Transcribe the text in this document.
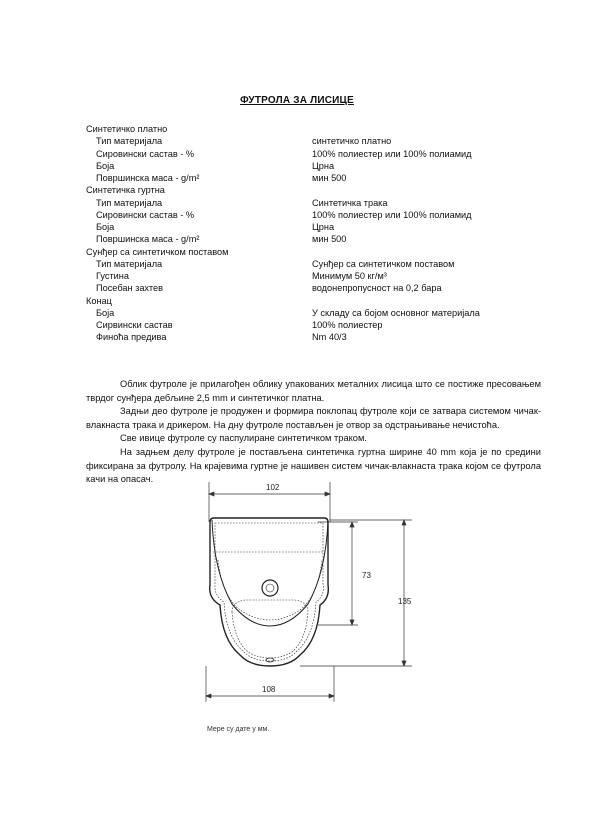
ФУТРОЛА ЗА ЛИСИЦЕ
Синтетичко платно
Тип материјала	синтетичко платно
Сировински састав - %	100% полиестер или 100% полиамид
Боја	Црна
Површинска маса - g/m²	мин 500
Синтетичка гуртна
Тип материјала	Синтетичка трака
Сировински састав - %	100% полиестер или 100% полиамид
Боја	Црна
Површинска маса - g/m²	мин 500
Сунђер са синтетичком поставом
Тип материјала	Сунђер са синтетичком поставом
Густина	Минимум 50 кг/м³
Посебан захтев	водонепропусност на 0,2 бара
Конац
Боја	У складу са бојом основног материјала
Сирвински састав	100% полиестер
Финоћа предива	Nm 40/3

Облик футроле је прилагођен облику упакованих металних лисица што се постиже пресовањем тврдог сунђера дебљине 2,5 mm и синтетичког платна.

Задњи део футроле је продужен и формира поклопац футроле који се затвара системом чичак-влакнаста трака и дрикером. На дну футроле постављен је отвор за одстрањивање нечистоћа.

Све ивице футроле су паспулиране синтетичком траком.

На задњем делу футроле је постављена синтетичка гуртна ширине 40 mm која је по средини фиксирана за футролу. На крајевима гуртне је нашивен систем чичак-влакнаста трака којом се футрола качи на опасач.

102
108
73
135
Мере су дате у мм.
